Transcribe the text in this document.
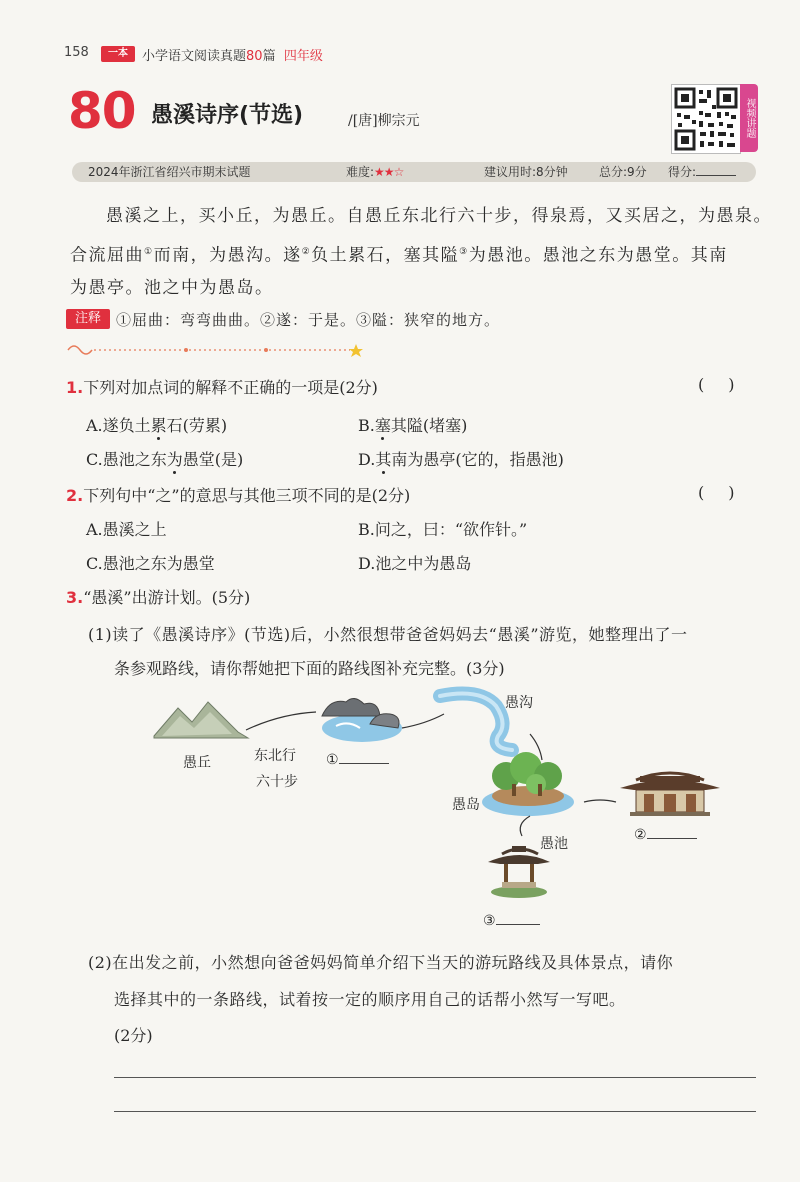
158	一本	小学语文阅读真题80篇 四年级
80 愚溪诗序(节选)	/[唐]柳宗元	视频讲题
2024年浙江省绍兴市期末试题	难度:★★☆	建议用时:8分钟	总分:9分 得分:
愚溪之上，买小丘，为愚丘。自愚丘东北行六十步，得泉焉，又买居之，为愚泉。
合流屈曲①而南，为愚沟。遂②负土累石，塞其隘③为愚池。愚池之东为愚堂。其南
为愚亭。池之中为愚岛。
注释	①屈曲：弯弯曲曲。②遂：于是。③隘：狭窄的地方。
1.下列对加点词的解释不正确的一项是(2分)	()
A.遂负土累石(劳累)	B.塞其隘(堵塞)
C.愚池之东为愚堂(是)	D.其南为愚亭(它的，指愚池)
2.下列句中“之”的意思与其他三项不同的是(2分)	()
A.愚溪之上	B.问之，曰：“欲作针。”
C.愚池之东为愚堂	D.池之中为愚岛
3.“愚溪”出游计划。(5分)
(1)读了《愚溪诗序》(节选)后，小然很想带爸爸妈妈去“愚溪”游览，她整理出了一
条参观路线，请你帮她把下面的路线图补充完整。(3分)
愚丘	东北行
六十步
①
愚沟
愚岛
②
愚池
③
(2)在出发之前，小然想向爸爸妈妈简单介绍下当天的游玩路线及具体景点，请你
选择其中的一条路线，试着按一定的顺序用自己的话帮小然写一写吧。
(2分)
